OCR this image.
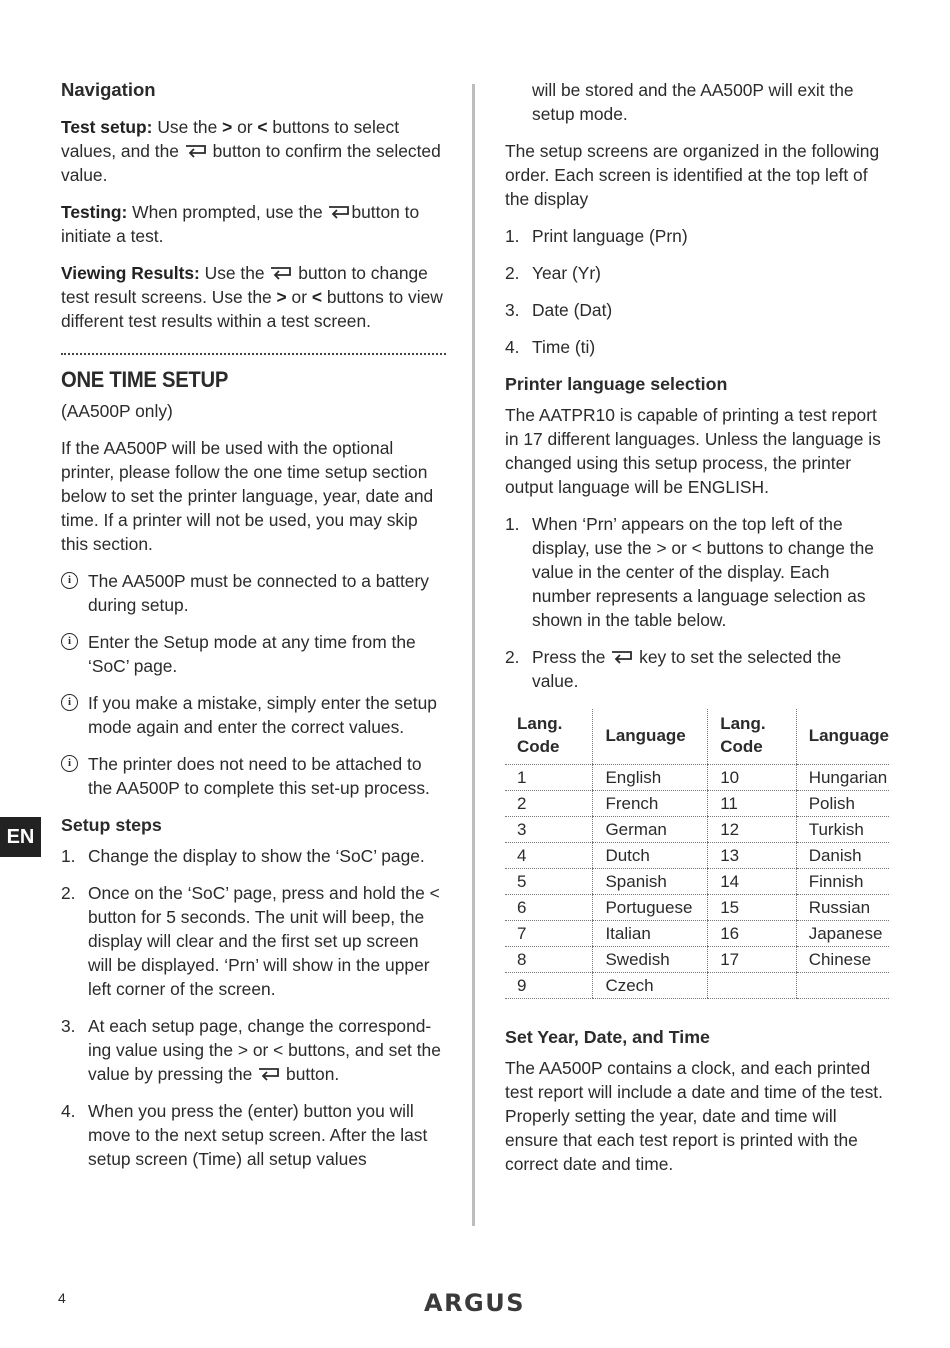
Navigation

Test setup: Use the > or < buttons to select values, and the
button to confirm the selected value.

Testing: When prompted, use the
button to initiate a test.

Viewing Results: Use the
button to change test result screens. Use the > or < buttons to view different test results within a test screen.

ONE TIME SETUP

(AA500P only)

If the AA500P will be used with the optional printer, please follow the one time setup section below to set the printer language, year, date and time. If a printer will not be used, you may skip this section.

i The AA500P must be connected to a battery during setup.
i Enter the Setup mode at any time from the ‘SoC’ page.
i If you make a mistake, simply enter the setup mode again and enter the correct values.
i The printer does not need to be attached to the AA500P to complete this set-up process.
Setup steps
1. Change the display to show the ‘SoC’ page.
2. Once on the ‘SoC’ page, press and hold the < button for 5 seconds. The unit will beep, the display will clear and the first set up screen will be displayed. ‘Prn’ will show in the upper left corner of the screen.
3. At each setup page, change the correspond-ing value using the > or < buttons, and set the value by pressing the
button.
4. When you press the (enter) button you will move to the next setup screen. After the last setup screen (Time) all setup values

will be stored and the AA500P will exit the setup mode.

The setup screens are organized in the following order. Each screen is identified at the top left of the display

1. Print language (Prn)
2. Year (Yr)
3. Date (Dat)
4. Time (ti)
Printer language selection

The AATPR10 is capable of printing a test report in 17 different languages. Unless the language is changed using this setup process, the printer output language will be ENGLISH.

1. When ‘Prn’ appears on the top left of the display, use the > or < buttons to change the value in the center of the display. Each number represents a language selection as shown in the table below.
2. Press the
key to set the selected the value.
Lang. Code	Language	Lang. Code	Language
1	English	10	Hungarian
2	French	11	Polish
3	German	12	Turkish
4	Dutch	13	Danish
5	Spanish	14	Finnish
6	Portuguese	15	Russian
7	Italian	16	Japanese
8	Swedish	17	Chinese
9	Czech		
Set Year, Date, and Time

The AA500P contains a clock, and each printed test report will include a date and time of the test. Properly setting the year, date and time will ensure that each test report is printed with the correct date and time.

EN
4	ARGUS
